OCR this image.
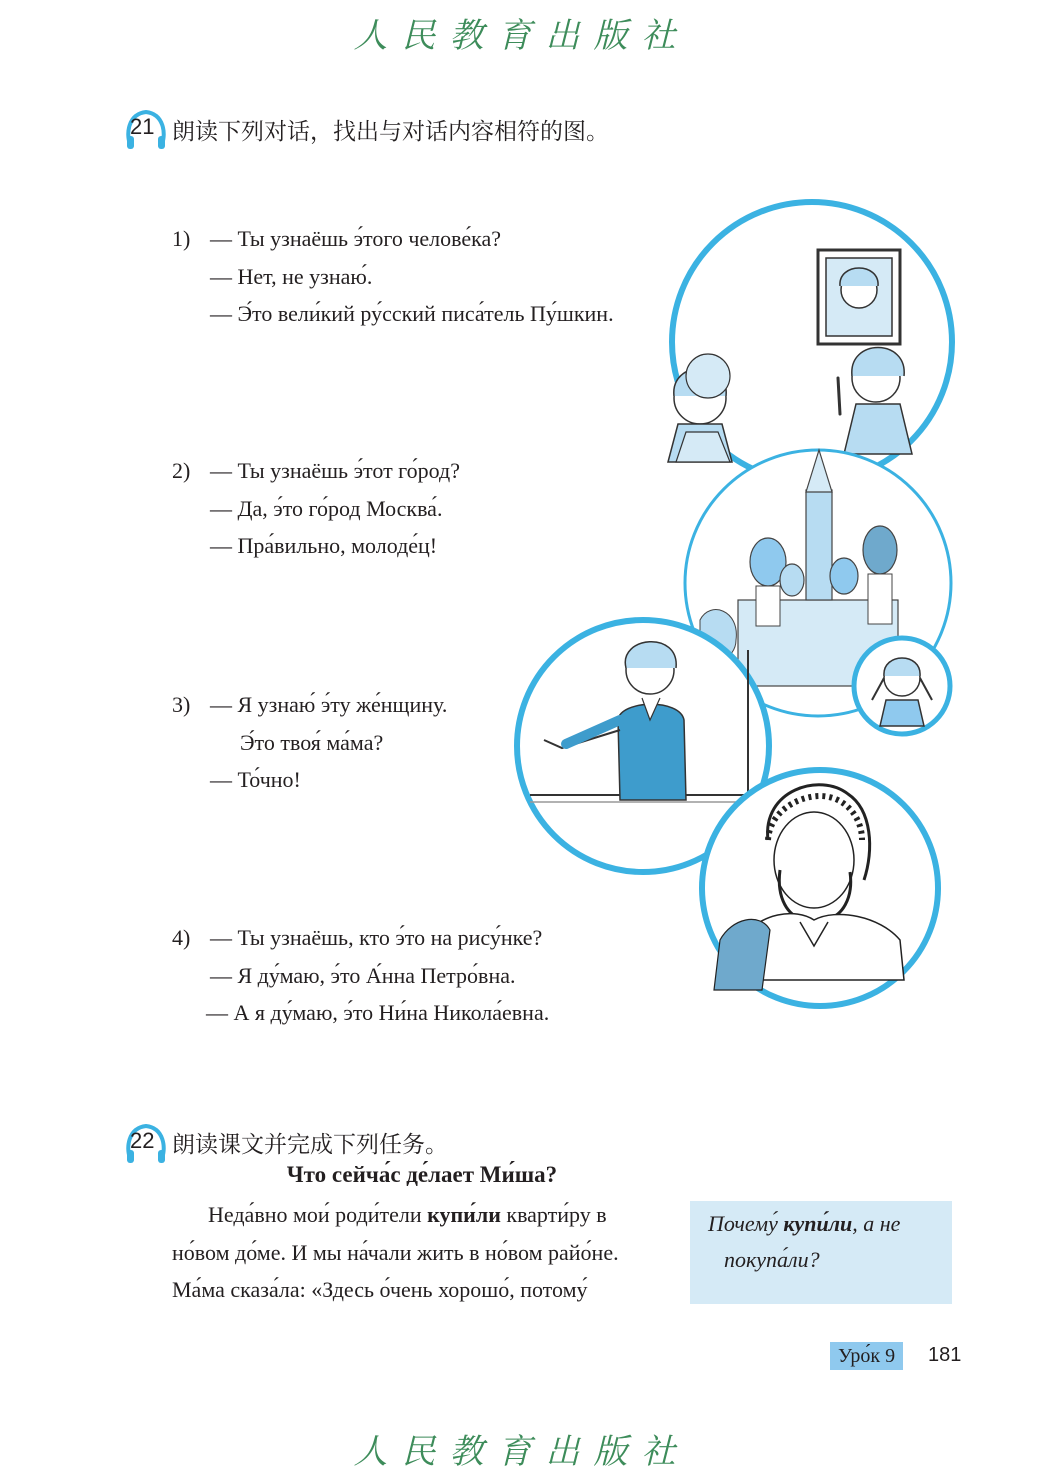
人民教育出版社
21 朗读下列对话，找出与对话内容相符的图。
1) — Ты узнаёшь э́того челове́ка?
— Нет, не узнаю́.
— Э́то вели́кий ру́сский писа́тель Пу́шкин.
2) — Ты узнаёшь э́тот го́род?
— Да, э́то го́род Москва́.
— Пра́вильно, молоде́ц!
3) — Я узнаю́ э́ту же́нщину.
Э́то твоя́ ма́ма?
— То́чно!
4) — Ты узнаёшь, кто э́то на рису́нке?
— Я ду́маю, э́то А́нна Петро́вна.
— А я ду́маю, э́то Ни́на Никола́евна.
22 朗读课文并完成下列任务。
Что сейча́с де́лает Ми́ша?
Неда́вно мои́ роди́тели купи́ли кварти́ру в
но́вом до́ме. И мы на́чали жить в но́вом райо́не.
Ма́ма сказа́ла: «Здесь о́чень хорошо́, потому́
Почему́ купи́ли, а не
покупа́ли?
Уро́к 9	181
人民教育出版社
